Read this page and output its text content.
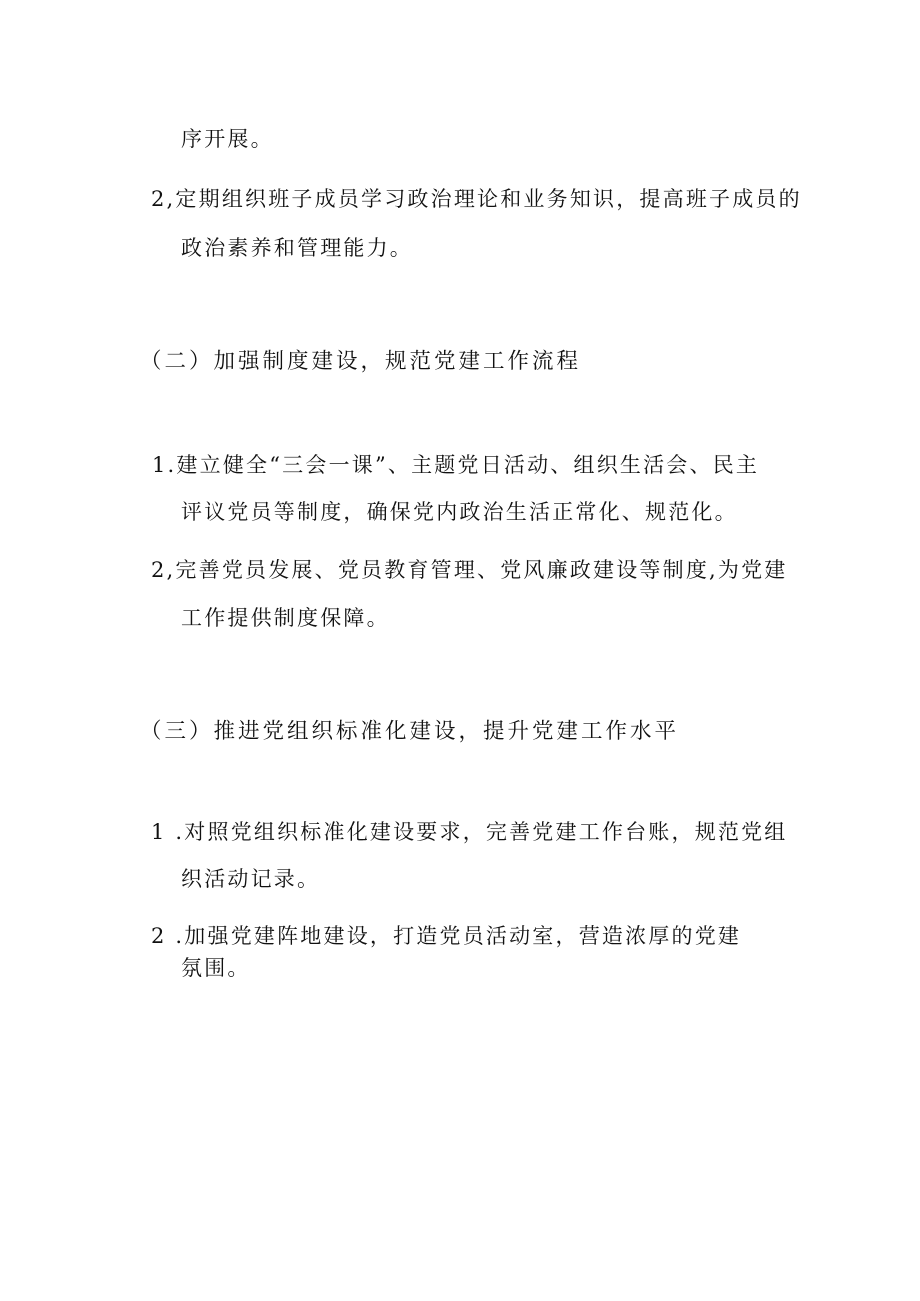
序开展。
2,定期组织班子成员学习政治理论和业务知识，提高班子成员的
政治素养和管理能力。
（二）加强制度建设，规范党建工作流程
1.建立健全“三会一课”、主题党日活动、组织生活会、民主
评议党员等制度，确保党内政治生活正常化、规范化。
2,完善党员发展、党员教育管理、党风廉政建设等制度,为党建
工作提供制度保障。
（三）推进党组织标准化建设，提升党建工作水平
1 .对照党组织标准化建设要求，完善党建工作台账，规范党组
织活动记录。
2 .加强党建阵地建设，打造党员活动室，营造浓厚的党建
氛围。
